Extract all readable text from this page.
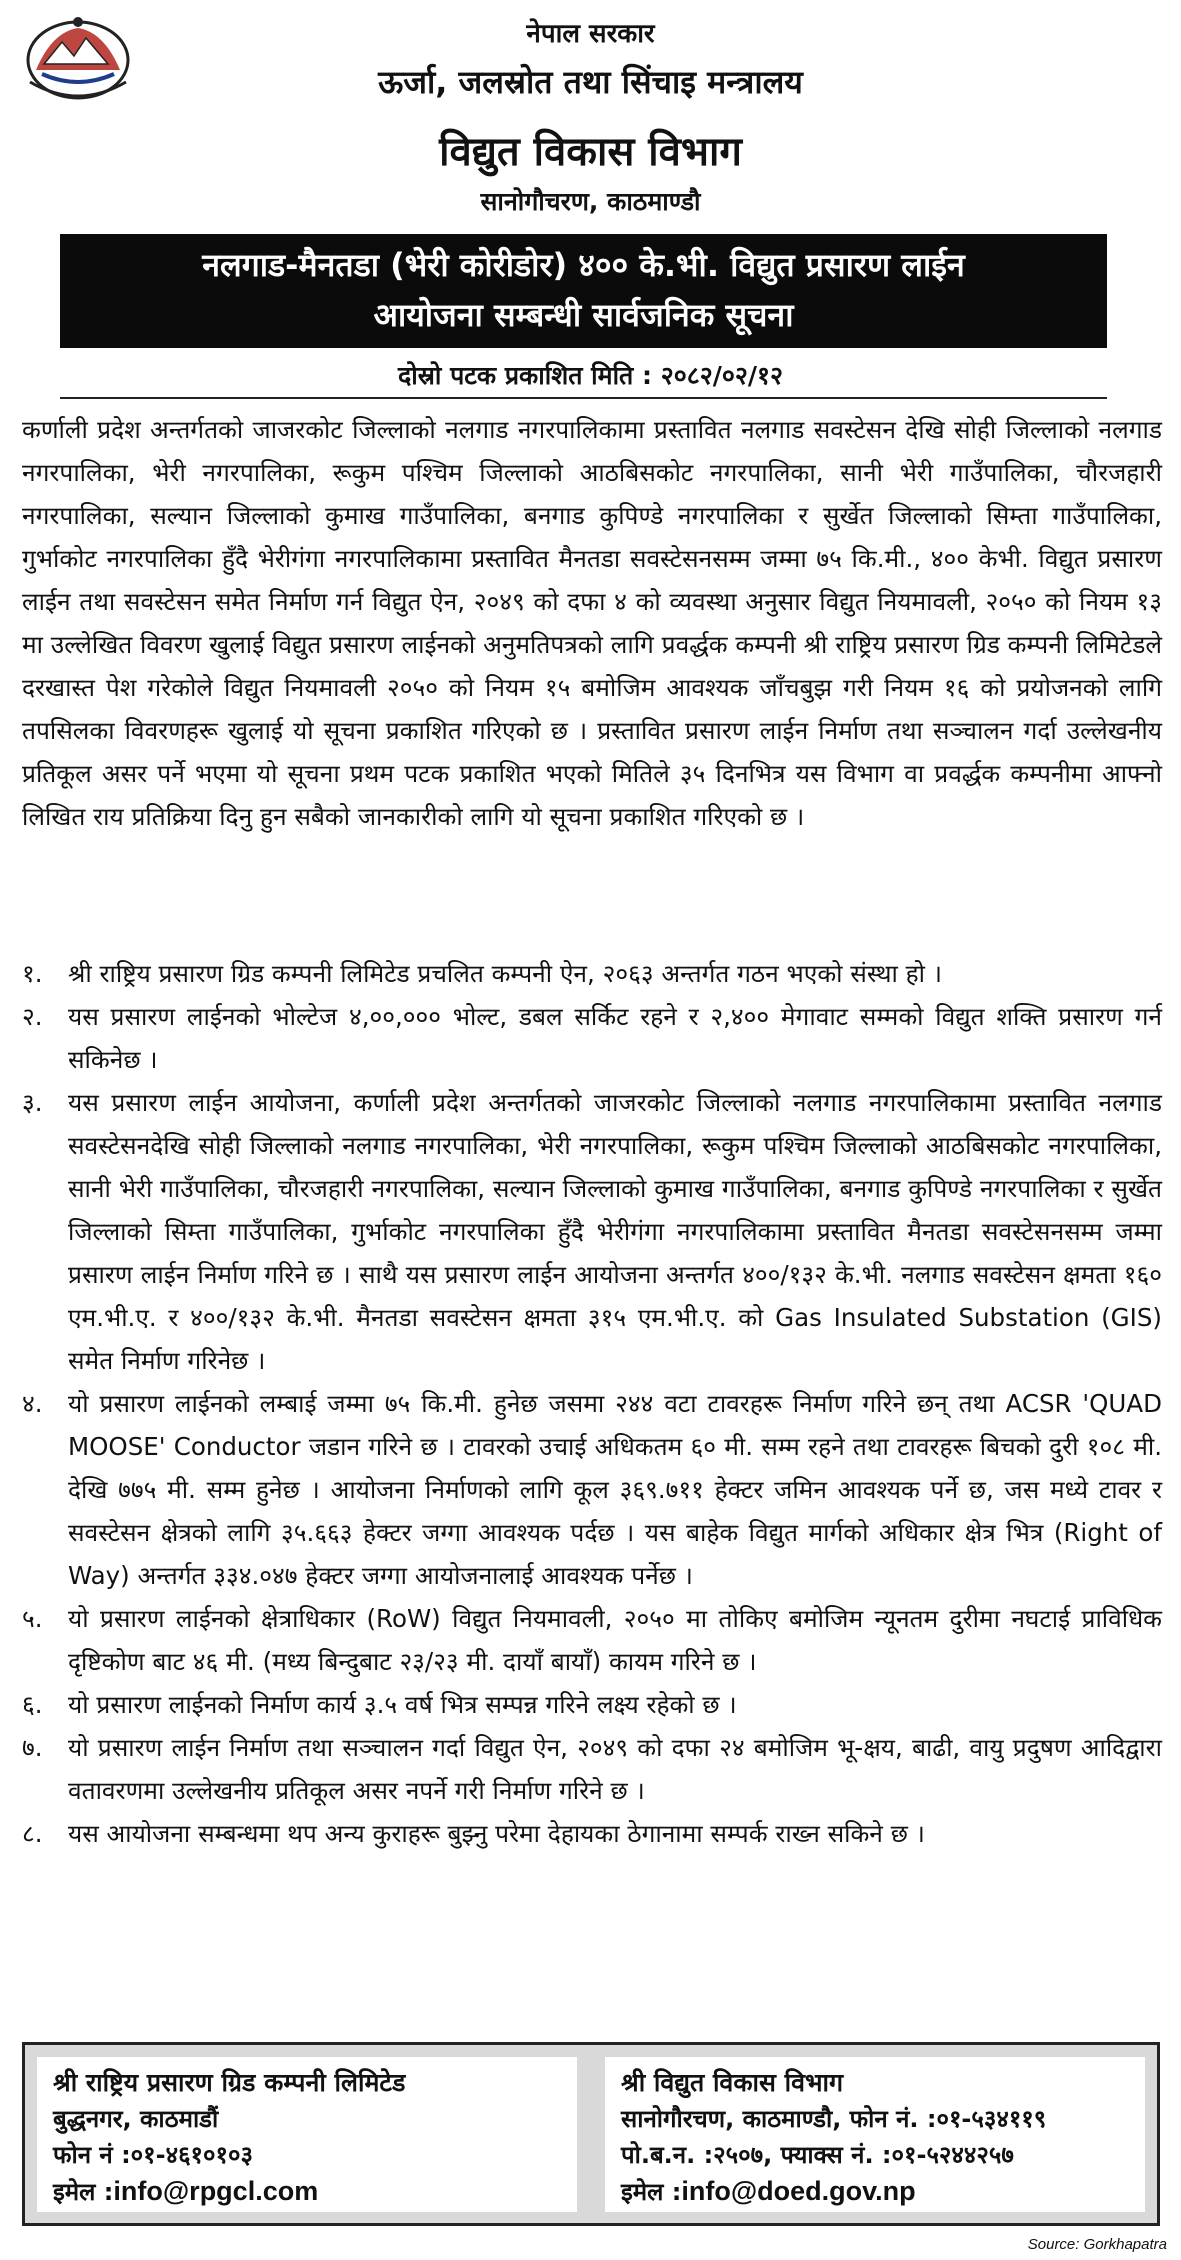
नेपाल सरकार
ऊर्जा, जलस्रोत तथा सिंचाइ मन्त्रालय
विद्युत विकास विभाग
सानोगौचरण, काठमाण्डौ
नलगाड-मैनतडा (भेरी कोरीडोर) ४०० के.भी. विद्युत प्रसारण लाईन
आयोजना सम्बन्धी सार्वजनिक सूचना
दोस्रो पटक प्रकाशित मिति : २०८२/०२/१२
कर्णाली प्रदेश अन्तर्गतको जाजरकोट जिल्लाको नलगाड नगरपालिकामा प्रस्तावित नलगाड सवस्टेसन देखि सोही जिल्लाको नलगाड नगरपालिका, भेरी नगरपालिका, रूकुम पश्चिम जिल्लाको आठबिसकोट नगरपालिका, सानी भेरी गाउँपालिका, चौरजहारी नगरपालिका, सल्यान जिल्लाको कुमाख गाउँपालिका, बनगाड कुपिण्डे नगरपालिका र सुर्खेत जिल्लाको सिम्ता गाउँपालिका, गुर्भाकोट नगरपालिका हुँदै भेरीगंगा नगरपालिकामा प्रस्तावित मैनतडा सवस्टेसनसम्म जम्मा ७५ कि.मी., ४०० केभी. विद्युत प्रसारण लाईन तथा सवस्टेसन समेत निर्माण गर्न विद्युत ऐन, २०४९ को दफा ४ को व्यवस्था अनुसार विद्युत नियमावली, २०५० को नियम १३ मा उल्लेखित विवरण खुलाई विद्युत प्रसारण लाईनको अनुमतिपत्रको लागि प्रवर्द्धक कम्पनी श्री राष्ट्रिय प्रसारण ग्रिड कम्पनी लिमिटेडले दरखास्त पेश गरेकोले विद्युत नियमावली २०५० को नियम १५ बमोजिम आवश्यक जाँचबुझ गरी नियम १६ को प्रयोजनको लागि तपसिलका विवरणहरू खुलाई यो सूचना प्रकाशित गरिएको छ । प्रस्तावित प्रसारण लाईन निर्माण तथा सञ्चालन गर्दा उल्लेखनीय प्रतिकूल असर पर्ने भएमा यो सूचना प्रथम पटक प्रकाशित भएको मितिले ३५ दिनभित्र यस विभाग वा प्रवर्द्धक कम्पनीमा आफ्नो लिखित राय प्रतिक्रिया दिनु हुन सबैको जानकारीको लागि यो सूचना प्रकाशित गरिएको छ ।
१.	श्री राष्ट्रिय प्रसारण ग्रिड कम्पनी लिमिटेड प्रचलित कम्पनी ऐन, २०६३ अन्तर्गत गठन भएको संस्था हो ।
२.	यस प्रसारण लाईनको भोल्टेज ४,००,००० भोल्ट, डबल सर्किट रहने र २,४०० मेगावाट सम्मको विद्युत शक्ति प्रसारण गर्न सकिनेछ ।
३.	यस प्रसारण लाईन आयोजना, कर्णाली प्रदेश अन्तर्गतको जाजरकोट जिल्लाको नलगाड नगरपालिकामा प्रस्तावित नलगाड सवस्टेसनदेखि सोही जिल्लाको नलगाड नगरपालिका, भेरी नगरपालिका, रूकुम पश्चिम जिल्लाको आठबिसकोट नगरपालिका, सानी भेरी गाउँपालिका, चौरजहारी नगरपालिका, सल्यान जिल्लाको कुमाख गाउँपालिका, बनगाड कुपिण्डे नगरपालिका र सुर्खेत जिल्लाको सिम्ता गाउँपालिका, गुर्भाकोट नगरपालिका हुँदै भेरीगंगा नगरपालिकामा प्रस्तावित मैनतडा सवस्टेसनसम्म जम्मा प्रसारण लाईन निर्माण गरिने छ । साथै यस प्रसारण लाईन आयोजना अन्तर्गत ४००/१३२ के.भी. नलगाड सवस्टेसन क्षमता १६० एम.भी.ए. र ४००/१३२ के.भी. मैनतडा सवस्टेसन क्षमता ३१५ एम.भी.ए. को Gas Insulated Substation (GIS) समेत निर्माण गरिनेछ ।
४.	यो प्रसारण लाईनको लम्बाई जम्मा ७५ कि.मी. हुनेछ जसमा २४४ वटा टावरहरू निर्माण गरिने छन् तथा ACSR 'QUAD MOOSE' Conductor जडान गरिने छ । टावरको उचाई अधिकतम ६० मी. सम्म रहने तथा टावरहरू बिचको दुरी १०८ मी. देखि ७७५ मी. सम्म हुनेछ । आयोजना निर्माणको लागि कूल ३६९.७११ हेक्टर जमिन आवश्यक पर्ने छ, जस मध्ये टावर र सवस्टेसन क्षेत्रको लागि ३५.६६३ हेक्टर जग्गा आवश्यक पर्दछ । यस बाहेक विद्युत मार्गको अधिकार क्षेत्र भित्र (Right of Way) अन्तर्गत ३३४.०४७ हेक्टर जग्गा आयोजनालाई आवश्यक पर्नेछ ।
५.	यो प्रसारण लाईनको क्षेत्राधिकार (RoW) विद्युत नियमावली, २०५० मा तोकिए बमोजिम न्यूनतम दुरीमा नघटाई प्राविधिक दृष्टिकोण बाट ४६ मी. (मध्य बिन्दुबाट २३/२३ मी. दायाँ बायाँ) कायम गरिने छ ।
६.	यो प्रसारण लाईनको निर्माण कार्य ३.५ वर्ष भित्र सम्पन्न गरिने लक्ष्य रहेको छ ।
७.	यो प्रसारण लाईन निर्माण तथा सञ्चालन गर्दा विद्युत ऐन, २०४९ को दफा २४ बमोजिम भू-क्षय, बाढी, वायु प्रदुषण आदिद्वारा वतावरणमा उल्लेखनीय प्रतिकूल असर नपर्ने गरी निर्माण गरिने छ ।
८.	यस आयोजना सम्बन्धमा थप अन्य कुराहरू बुझ्नु परेमा देहायका ठेगानामा सम्पर्क राख्न सकिने छ ।
श्री राष्ट्रिय प्रसारण ग्रिड कम्पनी लिमिटेड
बुद्धनगर, काठमाडौं
फोन नं :०१-४६१०१०३
इमेल :info@rpgcl.com
श्री विद्युत विकास विभाग
सानोगौरचण, काठमाण्डौ, फोन नं. :०१-५३४११९
पो.ब.न. :२५०७, फ्याक्स नं. :०१-५२४४२५७
इमेल :info@doed.gov.np
Source: Gorkhapatra
